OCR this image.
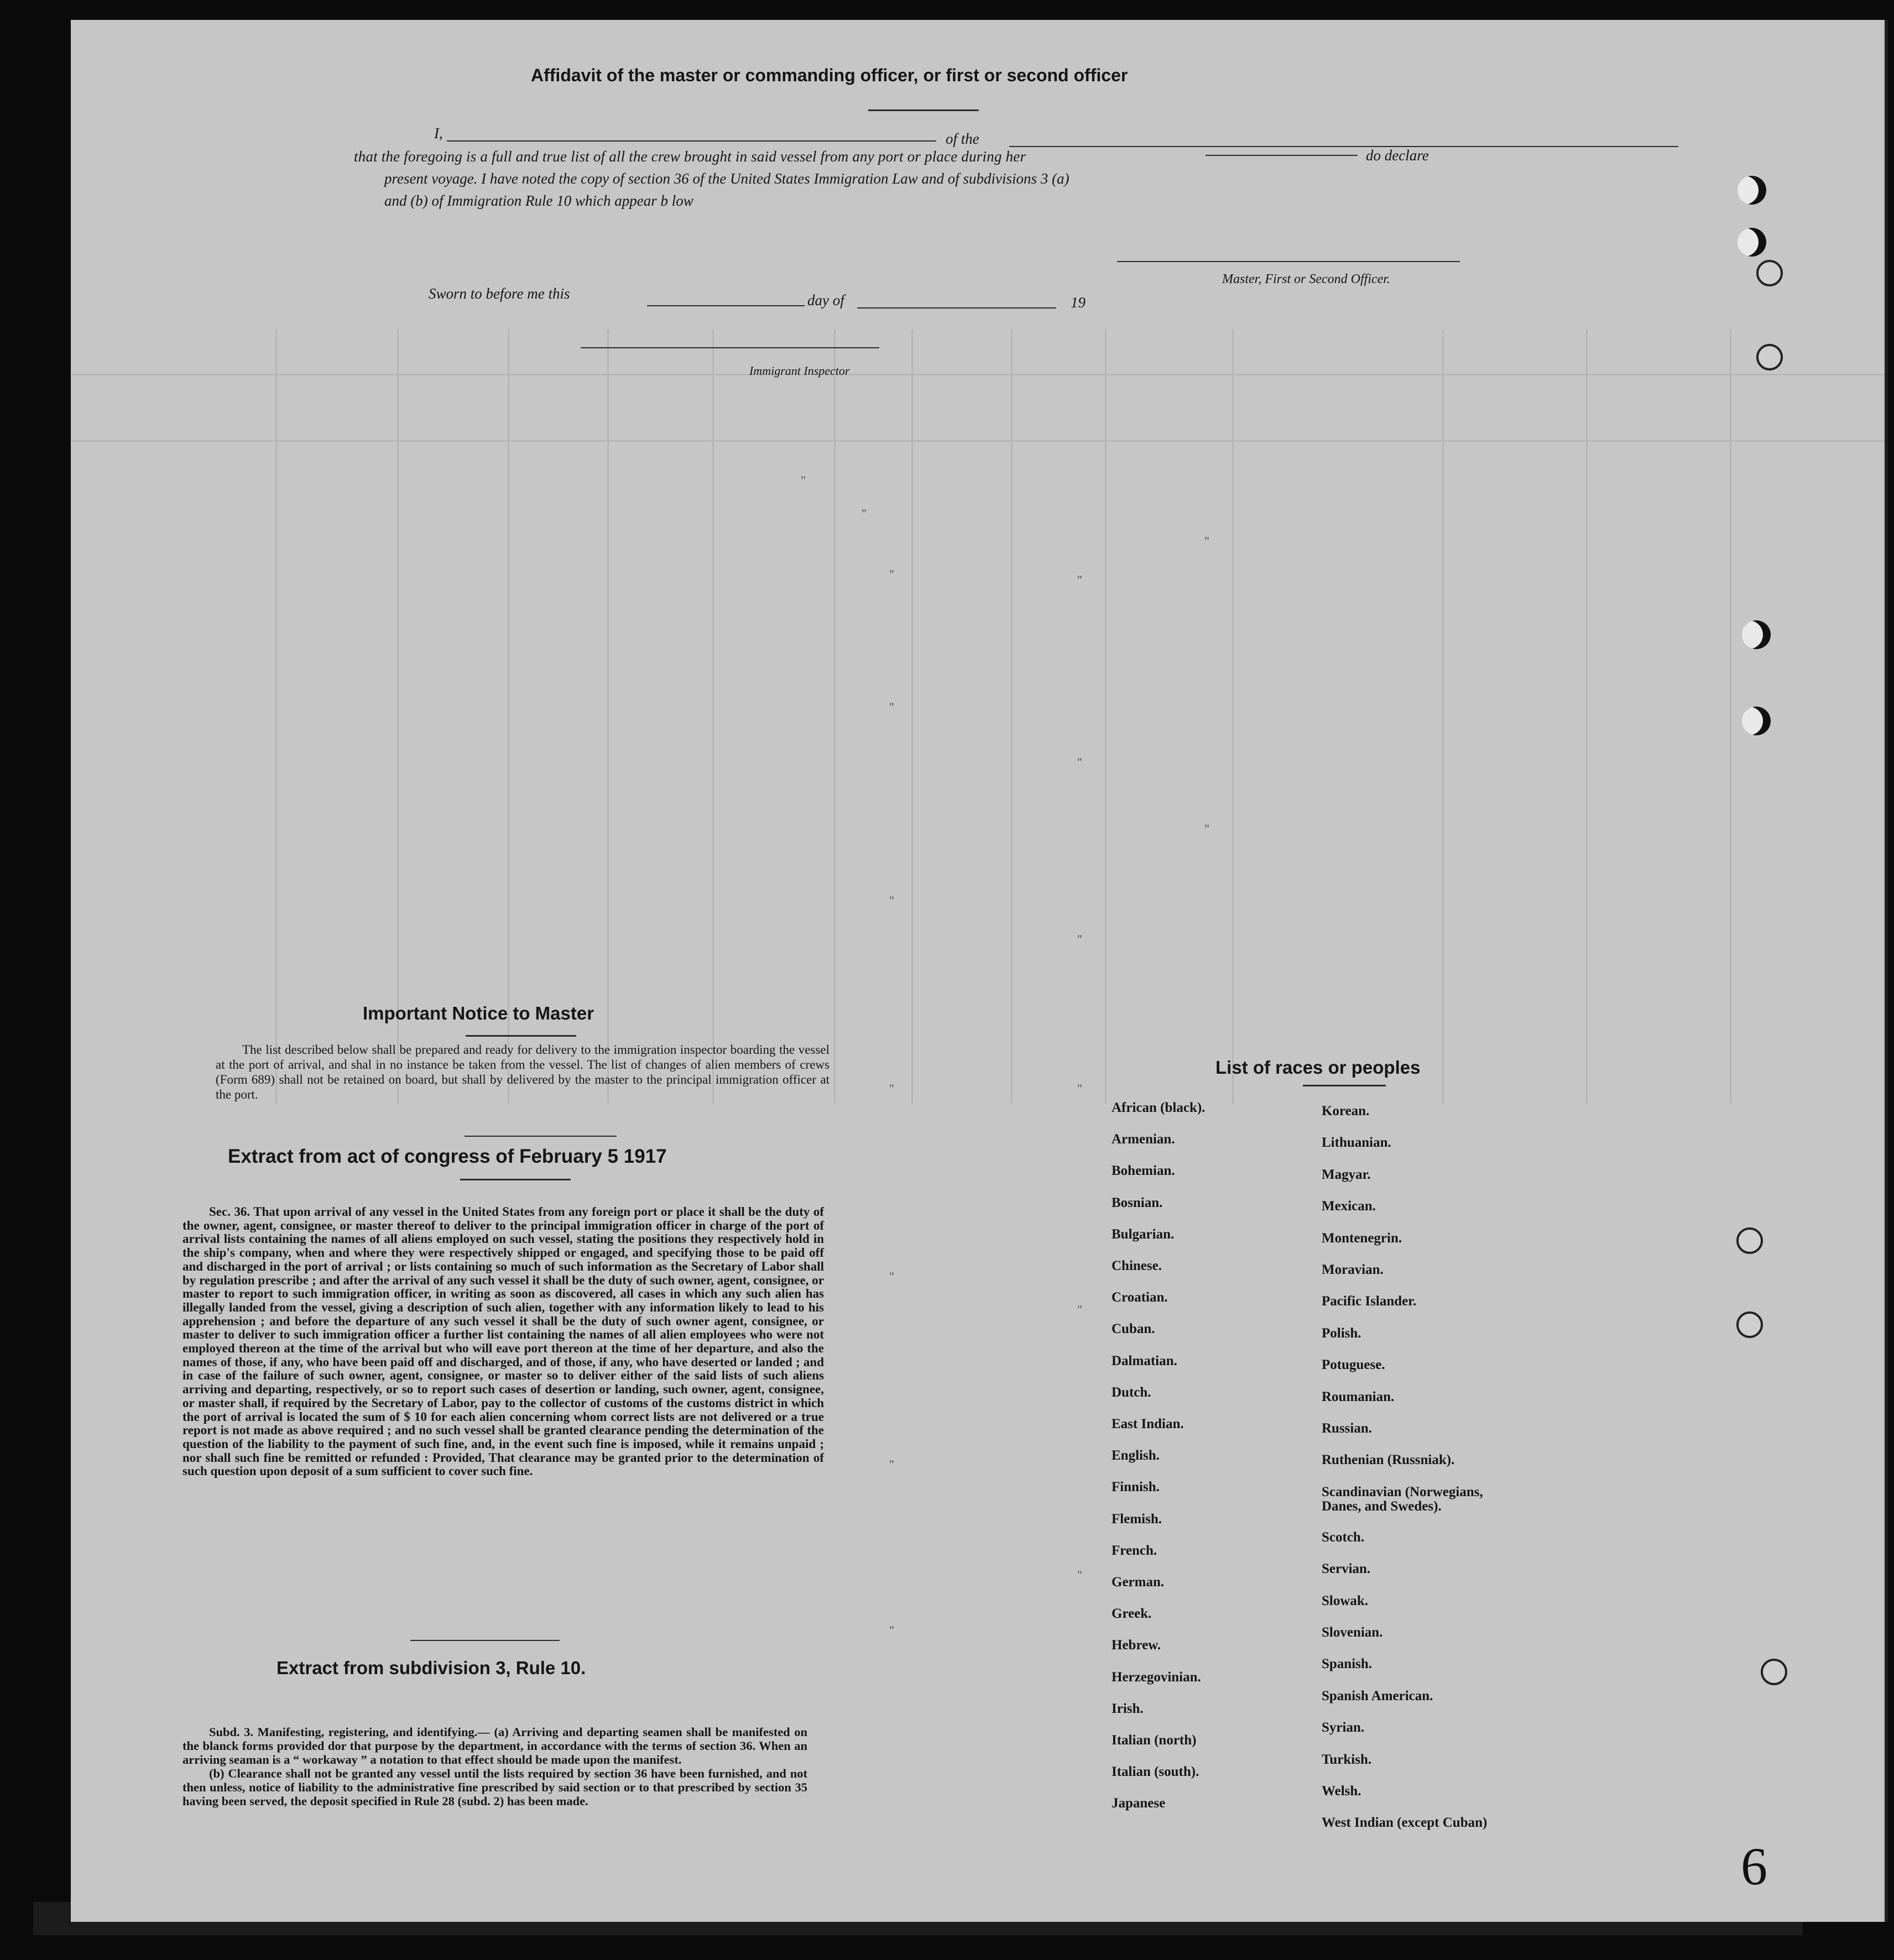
"
"
"	"
"
"
"
"
"
"
"	"
"
"
"
"
"
Affidavit of the master or commanding officer, or first or second officer
I,	of the
that the foregoing is a full and true list of all the crew brought in said vessel from any port or place during her	do declare
present voyage. I have noted the copy of section 36 of the United States Immigration Law and of subdivisions 3 (a)
and (b) of Immigration Rule 10 which appear b low
Master, First or Second Officer.
Sworn to before me this	day of	19
Immigrant Inspector
Important Notice to Master

The list described below shall be prepared and ready for delivery to the immigration inspector boarding the vessel at the port of arrival, and shal in no instance be taken from the vessel. The list of changes of alien members of crews (Form 689) shall not be retained on board, but shall by delivered by the master to the principal immigration officer at the port.

Extract from act of congress of February 5 1917

Sec. 36. That upon arrival of any vessel in the United States from any foreign port or place it shall be the duty of the owner, agent, consignee, or master thereof to deliver to the principal immigration officer in charge of the port of arrival lists containing the names of all aliens employed on such vessel, stating the positions they respectively hold in the ship's company, when and where they were respectively shipped or engaged, and specifying those to be paid off and discharged in the port of arrival ; or lists containing so much of such information as the Secretary of Labor shall by regulation prescribe ; and after the arrival of any such vessel it shall be the duty of such owner, agent, consignee, or master to report to such immigration officer, in writing as soon as discovered, all cases in which any such alien has illegally landed from the vessel, giving a description of such alien, together with any information likely to lead to his apprehension ; and before the departure of any such vessel it shall be the duty of such owner agent, consignee, or master to deliver to such immigration officer a further list containing the names of all alien employees who were not employed thereon at the time of the arrival but who will eave port thereon at the time of her departure, and also the names of those, if any, who have been paid off and discharged, and of those, if any, who have deserted or landed ; and in case of the failure of such owner, agent, consignee, or master so to deliver either of the said lists of such aliens arriving and departing, respectively, or so to report such cases of desertion or landing, such owner, agent, consignee, or master shall, if required by the Secretary of Labor, pay to the collector of customs of the customs district in which the port of arrival is located the sum of $ 10 for each alien concerning whom correct lists are not delivered or a true report is not made as above required ; and no such vessel shall be granted clearance pending the determination of the question of the liability to the payment of such fine, and, in the event such fine is imposed, while it remains unpaid ; nor shall such fine be remitted or refunded : Provided, That clearance may be granted prior to the determination of such question upon deposit of a sum sufficient to cover such fine.

Extract from subdivision 3, Rule 10.

Subd. 3. Manifesting, registering, and identifying.— (a) Arriving and departing seamen shall be manifested on the blanck forms provided dor that purpose by the department, in accordance with the terms of section 36. When an arriving seaman is a “ workaway ” a notation to that effect should be made upon the manifest.

(b) Clearance shall not be granted any vessel until the lists required by section 36 have been furnished, and not then unless, notice of liability to the administrative fine prescribed by said section or to that prescribed by section 35 having been served, the deposit specified in Rule 28 (subd. 2) has been made.

List of races or peoples
African (black).
Armenian.
Bohemian.
Bosnian.
Bulgarian.
Chinese.
Croatian.
Cuban.
Dalmatian.
Dutch.
East Indian.
English.
Finnish.
Flemish.
French.
German.
Greek.
Hebrew.
Herzegovinian.
Irish.
Italian (north)
Italian (south).
Japanese
Korean.
Lithuanian.
Magyar.
Mexican.
Montenegrin.
Moravian.
Pacific Islander.
Polish.
Potuguese.
Roumanian.
Russian.
Ruthenian (Russniak).
Scandinavian (Norwegians,
Danes, and Swedes).
Scotch.
Servian.
Slowak.
Slovenian.
Spanish.
Spanish American.
Syrian.
Turkish.
Welsh.
West Indian (except Cuban)
6
